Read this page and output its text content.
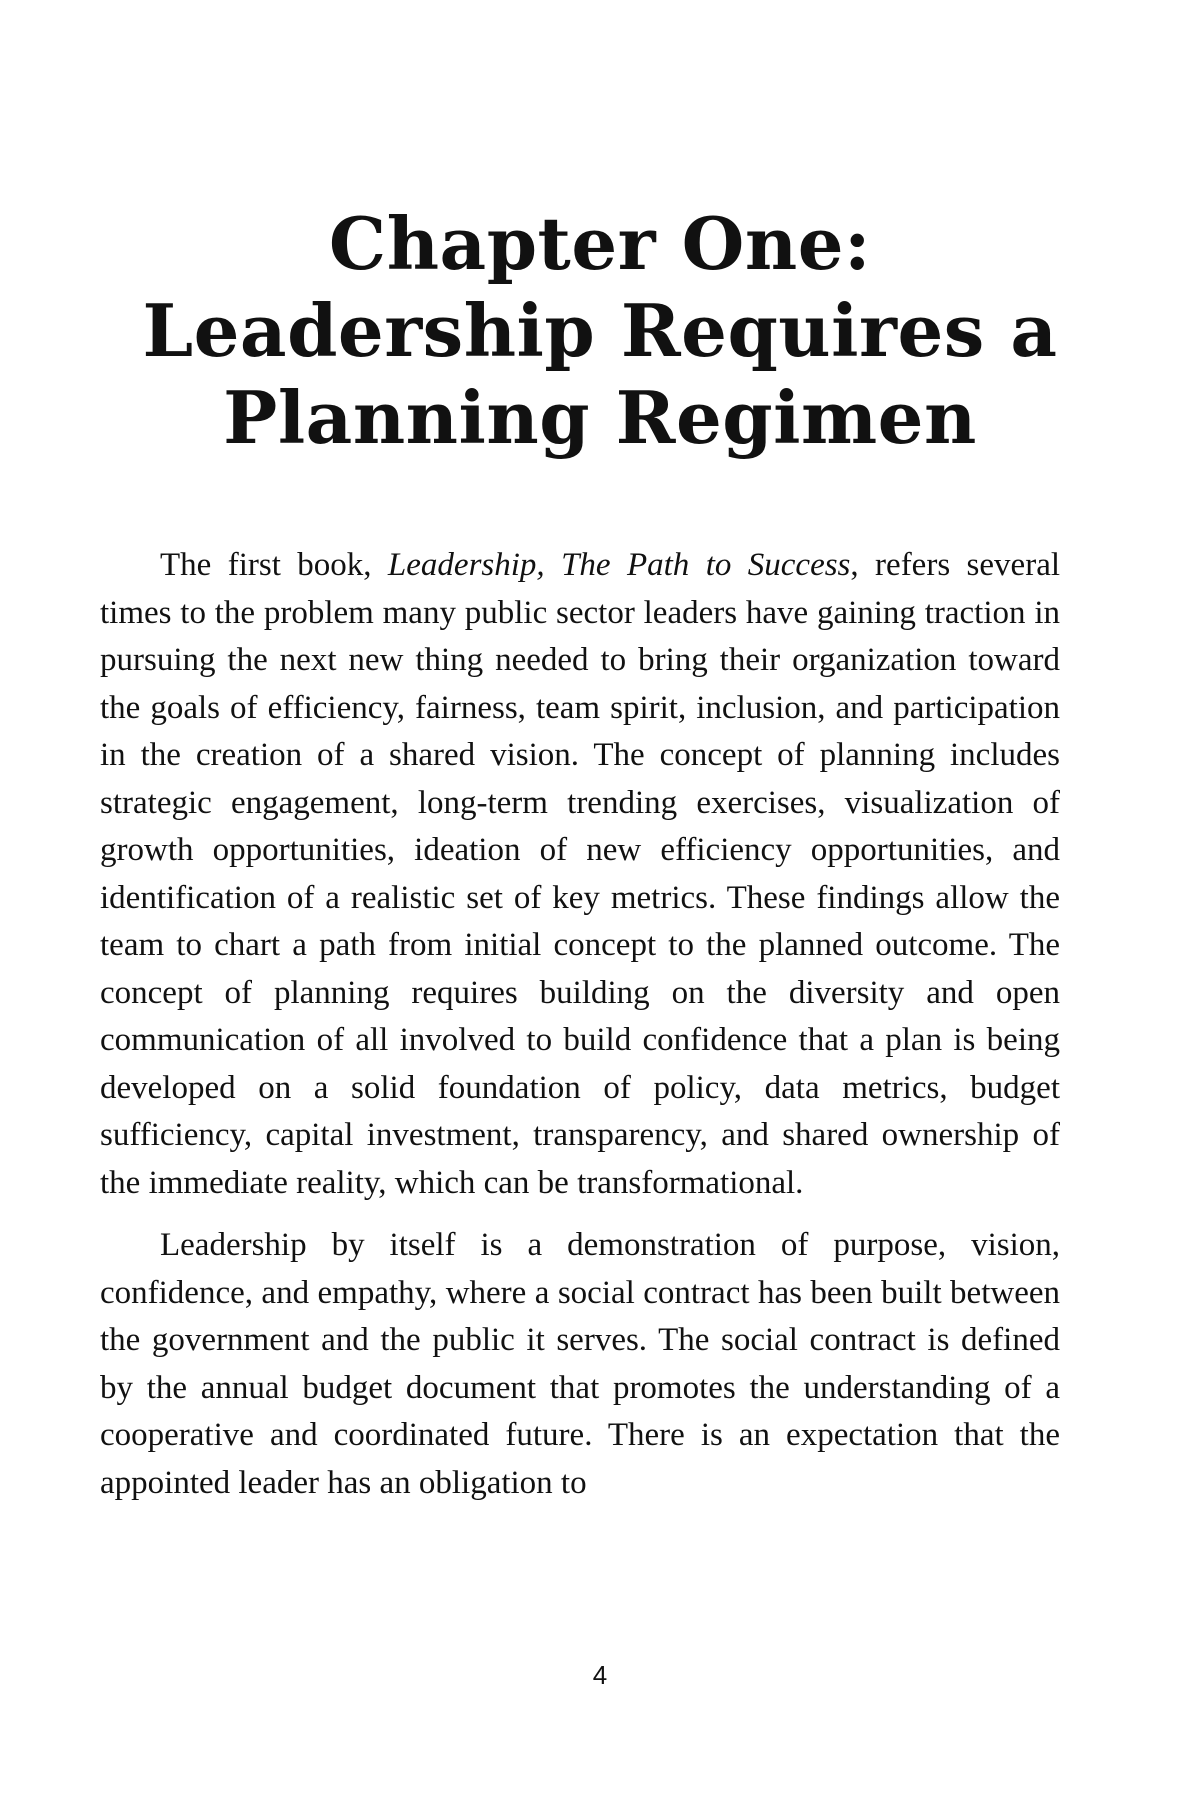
Chapter One:
Leadership Requires a
Planning Regimen

The first book, Leadership, The Path to Success, refers several times to the problem many public sector leaders have gaining traction in pursuing the next new thing needed to bring their organization toward the goals of efficiency, fairness, team spirit, inclusion, and participation in the creation of a shared vision. The concept of planning includes strategic engagement, long-term trending exercises, visualization of growth opportunities, ideation of new efficiency opportunities, and identification of a realistic set of key metrics. These findings allow the team to chart a path from initial concept to the planned outcome. The concept of planning requires building on the diversity and open communication of all involved to build confidence that a plan is being developed on a solid foundation of policy, data metrics, budget sufficiency, capital investment, transparency, and shared ownership of the immediate reality, which can be transformational.

Leadership by itself is a demonstration of purpose, vision, confidence, and empathy, where a social contract has been built between the government and the public it serves. The social contract is defined by the annual budget document that promotes the understanding of a cooperative and coordinated future. There is an expectation that the appointed leader has an obligation to

4
